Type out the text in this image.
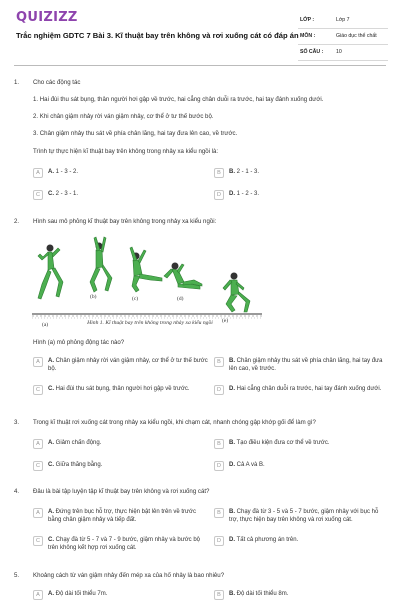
QUIZIZZ
Trắc nghiệm GDTC 7 Bài 3. Kĩ thuật bay trên không và rơi xuống cát có đáp án
LỚP :	Lớp 7
MÔN :	Giáo dục thể chất
SỐ CÂU :	10
1.	Cho các động tác
1. Hai đùi thu sát bụng, thân người hơi gập về trước, hai cẳng chân duỗi ra trước, hai tay đánh xuống dưới.
2. Khi chân giậm nhảy rời ván giậm nhảy, cơ thể ở tư thế bước bộ.
3. Chân giậm nhảy thu sát về phía chân lăng, hai tay đưa lên cao, về trước.
Trình tự thực hiện kĩ thuật bay trên không trong nhảy xa kiểu ngồi là:
A	A. 1 - 3 - 2.	B	B. 2 - 1 - 3.
C	C. 2 - 3 - 1.	D	D. 1 - 2 - 3.
2.	Hình sau mô phỏng kĩ thuật bay trên không trong nhảy xa kiểu ngồi:
(a)
(b)	(c)	(d)
(e)
Hình 1. Kĩ thuật bay trên không trong nhảy xa kiểu ngồi
Hình (a) mô phỏng động tác nào?
A	A. Chân giậm nhảy rời ván giậm nhảy, cơ thể ở tư thế bước bộ.
B	B. Chân giậm nhảy thu sát về phía chân lăng, hai tay đưa lên cao, về trước.
C	C. Hai đùi thu sát bụng, thân người hơi gập về trước.	D	D. Hai cẳng chân duỗi ra trước, hai tay đánh xuống dưới.
3.	Trong kĩ thuật rơi xuống cát trong nhảy xa kiểu ngồi, khi chạm cát, nhanh chóng gập khớp gối để làm gì?
A	A. Giảm chấn động.	B	B. Tạo điều kiện đưa cơ thể về trước.
C	C. Giữa thăng bằng.	D	D. Cả A và B.
4.	Đâu là bài tập luyện tập kĩ thuật bay trên không và rơi xuống cát?
A	A. Đứng trên bục hỗ trợ, thực hiện bật lên trên về trước bằng chân giậm nhảy và tiếp đất.
B	B. Chạy đà từ 3 - 5 và 5 - 7 bước, giậm nhảy với bục hỗ trợ, thực hiện bay trên không và rơi xuống cát.
C	C. Chạy đà từ 5 - 7 và 7 - 9 bước, giậm nhảy và bước bộ trên không kết hợp rơi xuống cát.
D	D. Tất cả phương án trên.
5.	Khoảng cách từ ván giậm nhảy đến mép xa của hố nhảy là bao nhiêu?
A	A. Độ dài tối thiểu 7m.	B	B. Độ dài tối thiểu 8m.
